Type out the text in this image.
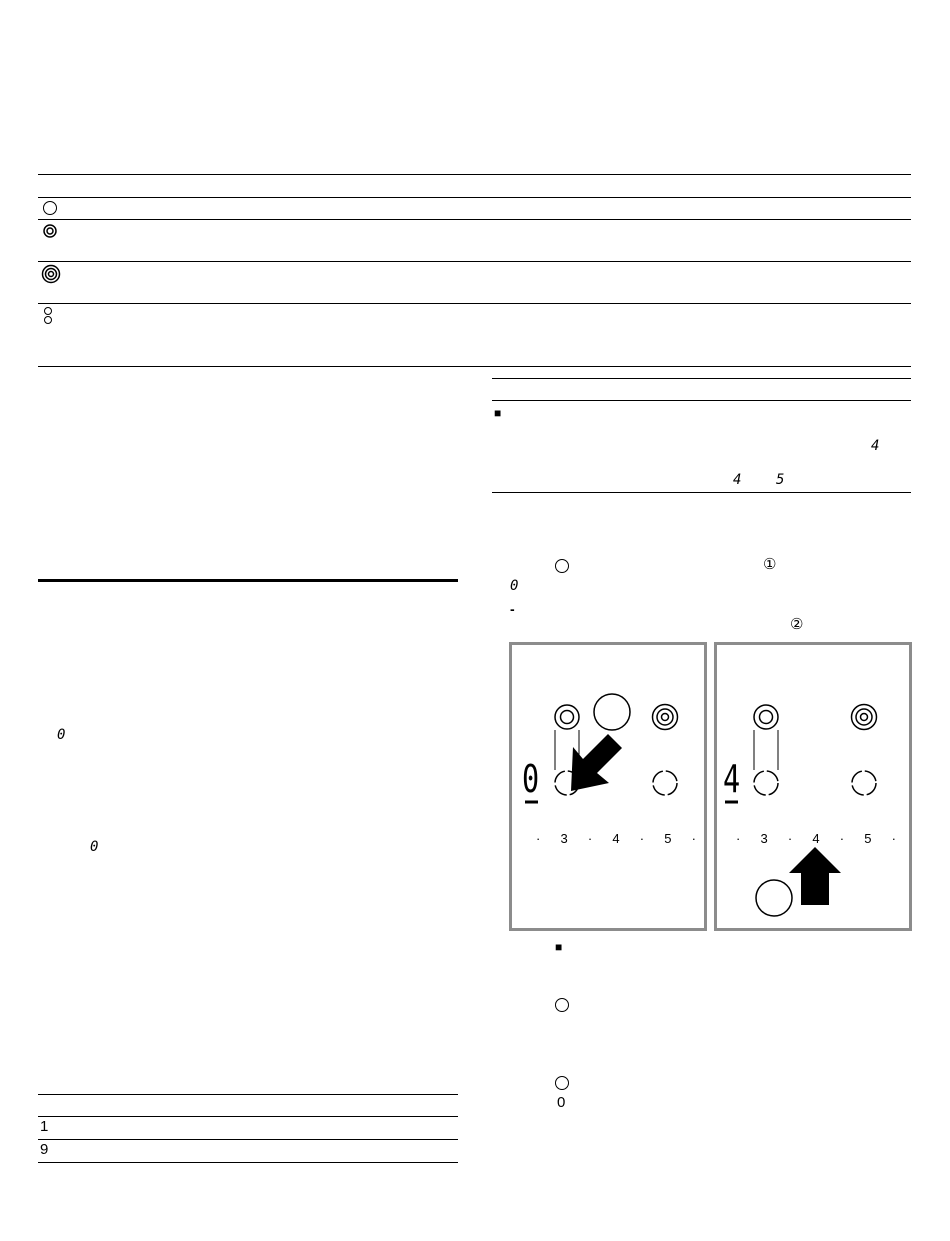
■
4
4 5
①
0
-
②
0
· 3 · 4 · 5 ·
4
· 3 · 4 · 5 ·
■
0
0
0
1
9
